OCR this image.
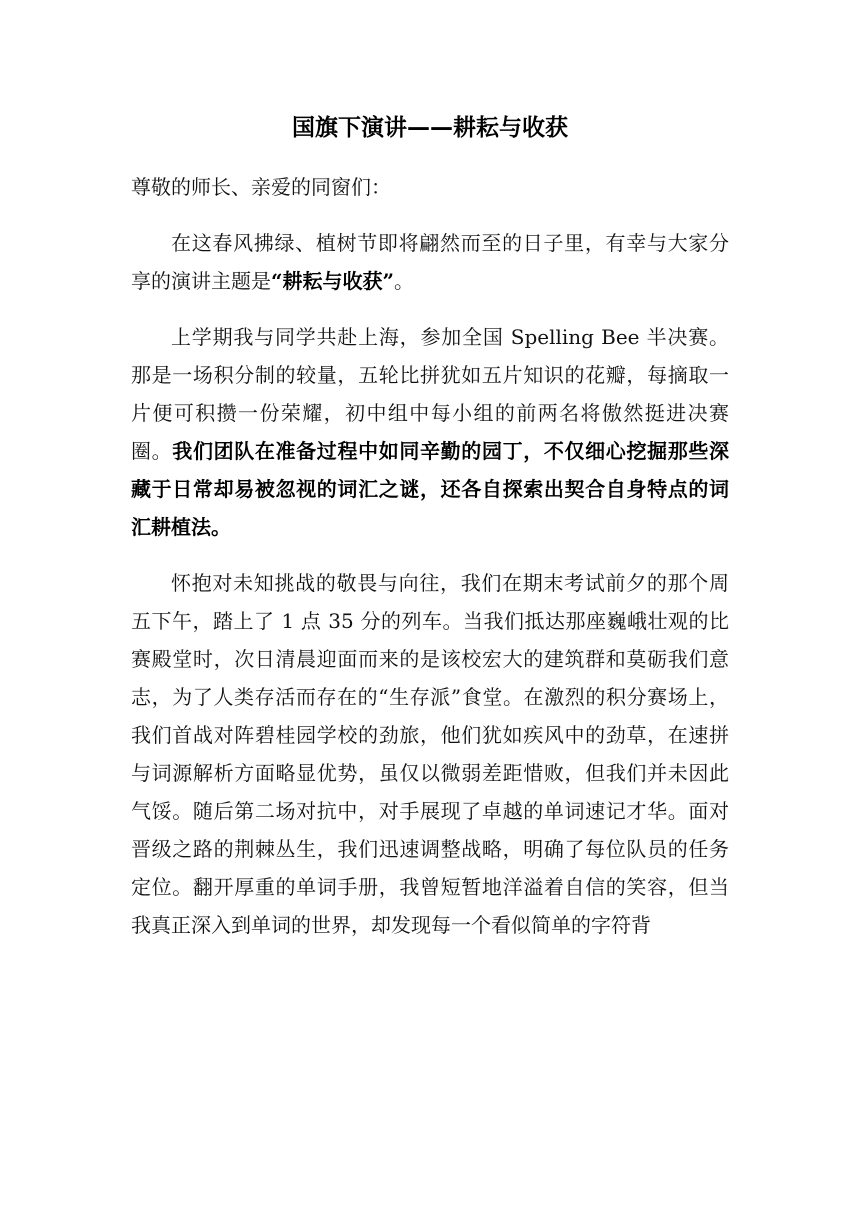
国旗下演讲——耕耘与收获

尊敬的师长、亲爱的同窗们：

在这春风拂绿、植树节即将翩然而至的日子里，有幸与大家分享的演讲主题是“耕耘与收获”。

上学期我与同学共赴上海，参加全国 Spelling Bee 半决赛。那是一场积分制的较量，五轮比拼犹如五片知识的花瓣，每摘取一片便可积攒一份荣耀，初中组中每小组的前两名将傲然挺进决赛圈。我们团队在准备过程中如同辛勤的园丁，不仅细心挖掘那些深藏于日常却易被忽视的词汇之谜，还各自探索出契合自身特点的词汇耕植法。

怀抱对未知挑战的敬畏与向往，我们在期末考试前夕的那个周五下午，踏上了 1 点 35 分的列车。当我们抵达那座巍峨壮观的比赛殿堂时，次日清晨迎面而来的是该校宏大的建筑群和莫砺我们意志，为了人类存活而存在的“生存派”食堂。在激烈的积分赛场上，我们首战对阵碧桂园学校的劲旅，他们犹如疾风中的劲草，在速拼与词源解析方面略显优势，虽仅以微弱差距惜败，但我们并未因此气馁。随后第二场对抗中，对手展现了卓越的单词速记才华。面对晋级之路的荆棘丛生，我们迅速调整战略，明确了每位队员的任务定位。翻开厚重的单词手册，我曾短暂地洋溢着自信的笑容，但当我真正深入到单词的世界，却发现每一个看似简单的字符背
